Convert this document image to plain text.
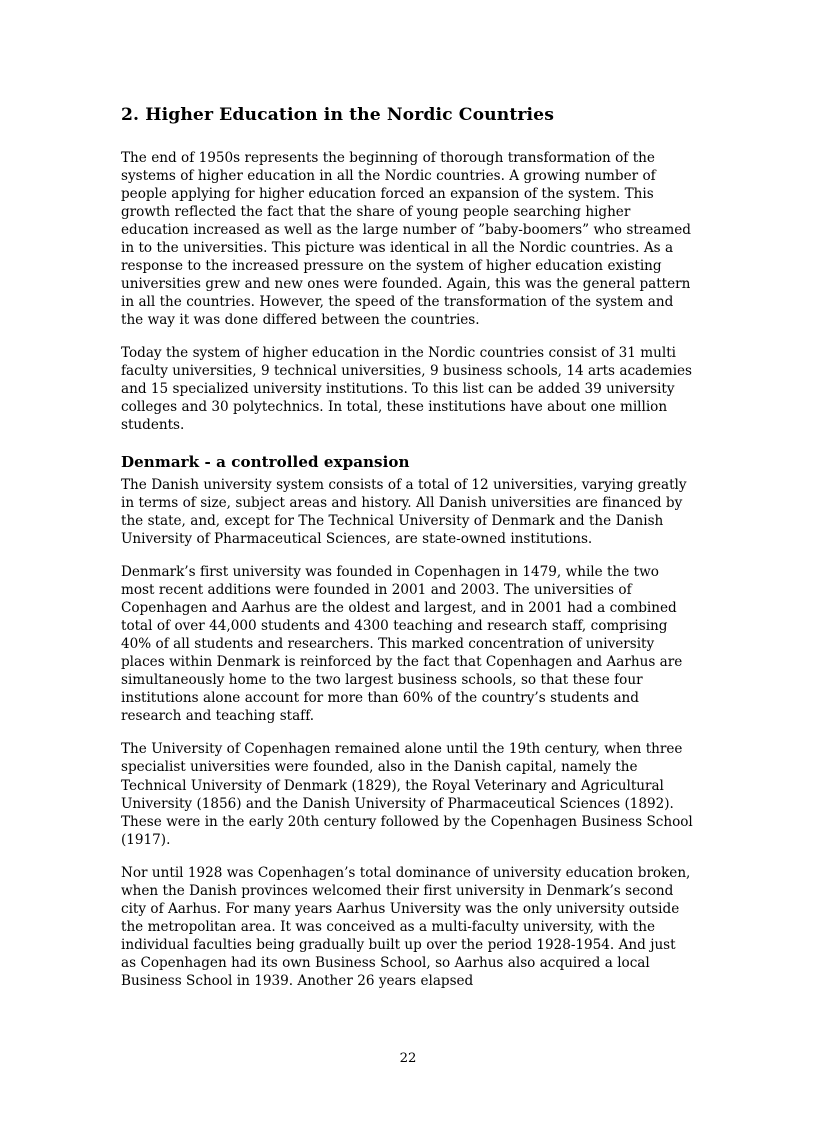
2. Higher Education in the Nordic Countries

The end of 1950s represents the beginning of thorough transformation of the systems of higher education in all the Nordic countries. A growing number of people applying for higher education forced an expansion of the system. This growth reflected the fact that the share of young people searching higher education increased as well as the large number of ”baby-boomers” who streamed in to the universities. This picture was identical in all the Nordic countries. As a response to the increased pressure on the system of higher education existing universities grew and new ones were founded. Again, this was the general pattern in all the countries. However, the speed of the transformation of the system and the way it was done differed between the countries.

Today the system of higher education in the Nordic countries consist of 31 multi faculty universities, 9 technical universities, 9 business schools, 14 arts academies and 15 specialized university institutions. To this list can be added 39 university colleges and 30 polytechnics. In total, these institutions have about one million students.

Denmark - a controlled expansion

The Danish university system consists of a total of 12 universities, varying greatly in terms of size, subject areas and history. All Danish universities are financed by the state, and, except for The Technical University of Denmark and the Danish University of Pharmaceutical Sciences, are state-owned institutions.

Denmark’s first university was founded in Copenhagen in 1479, while the two most recent additions were founded in 2001 and 2003. The universities of Copenhagen and Aarhus are the oldest and largest, and in 2001 had a combined total of over 44,000 students and 4300 teaching and research staff, comprising 40% of all students and researchers. This marked concentration of university places within Denmark is reinforced by the fact that Copenhagen and Aarhus are simultaneously home to the two largest business schools, so that these four institutions alone account for more than 60% of the country’s students and research and teaching staff.

The University of Copenhagen remained alone until the 19th century, when three specialist universities were founded, also in the Danish capital, namely the Technical University of Denmark (1829), the Royal Veterinary and Agricultural University (1856) and the Danish University of Pharmaceutical Sciences (1892). These were in the early 20th century followed by the Copenhagen Business School (1917).

Nor until 1928 was Copenhagen’s total dominance of university education broken, when the Danish provinces welcomed their first university in Denmark’s second city of Aarhus. For many years Aarhus University was the only university outside the metropolitan area. It was conceived as a multi-faculty university, with the individual faculties being gradually built up over the period 1928-1954. And just as Copenhagen had its own Business School, so Aarhus also acquired a local Business School in 1939. Another 26 years elapsed

22
